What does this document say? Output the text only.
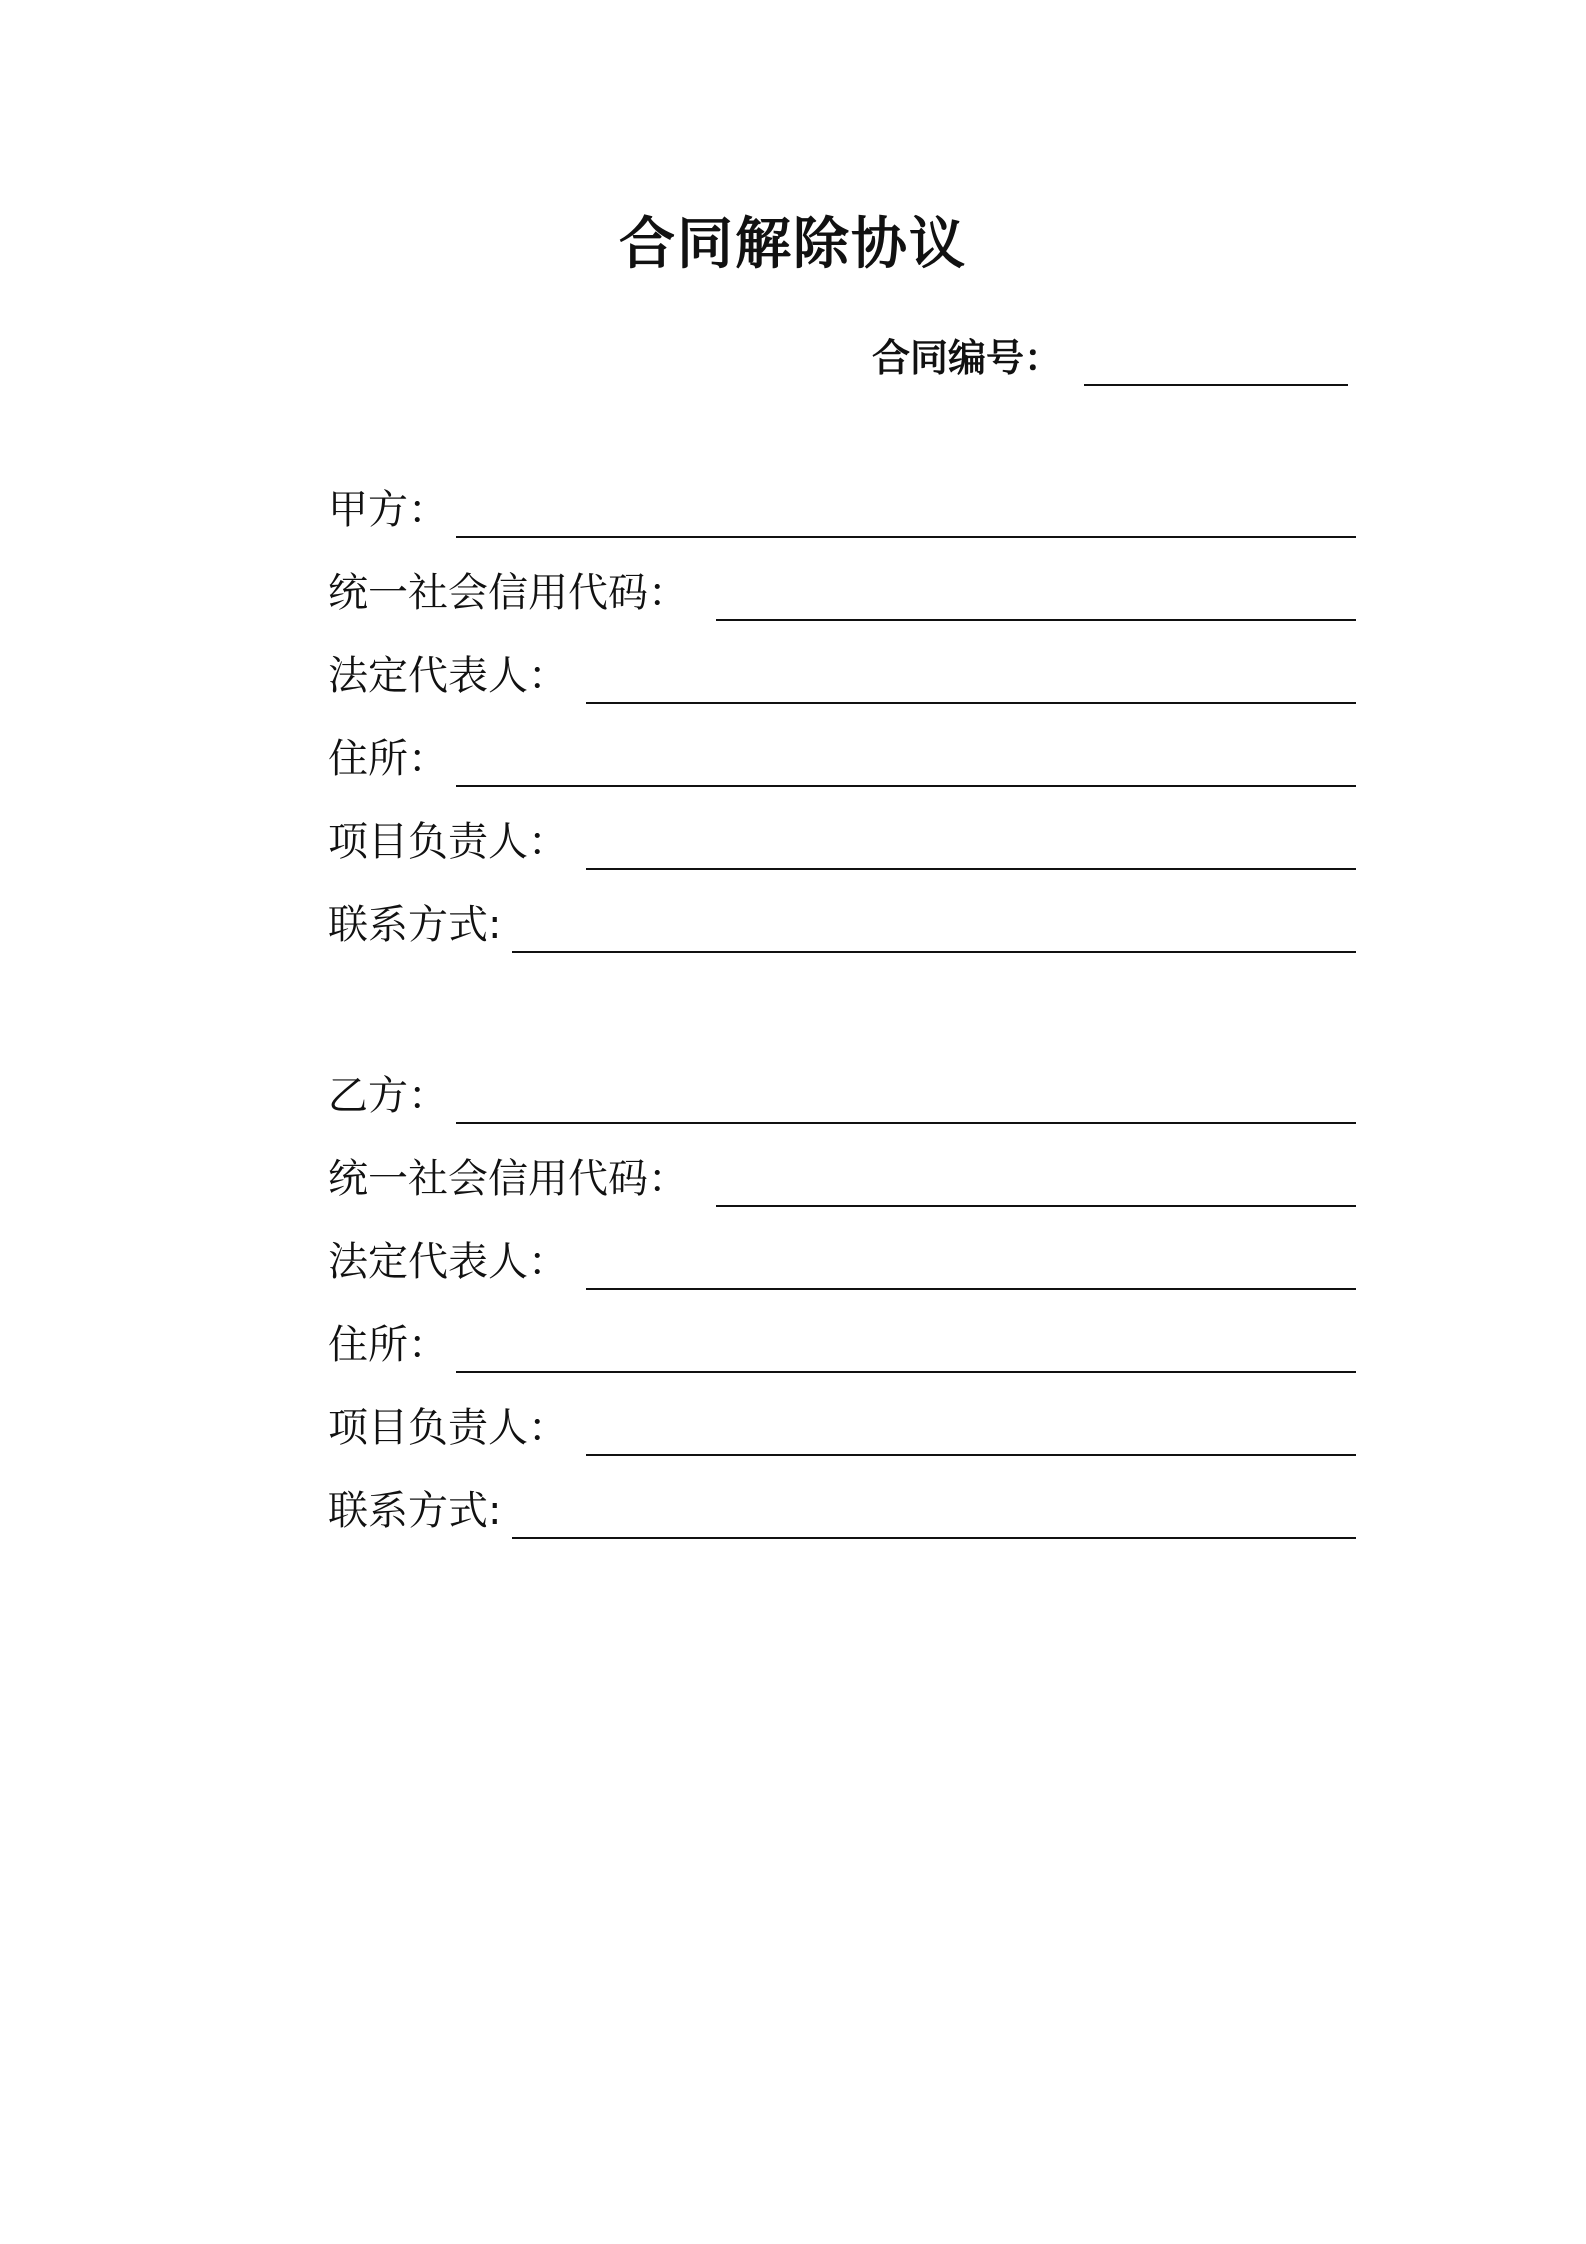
合同解除协议
合同编号：
甲方：
统一社会信用代码：
法定代表人：
住所：
项目负责人：
联系方式:
乙方：
统一社会信用代码：
法定代表人：
住所：
项目负责人：
联系方式:
